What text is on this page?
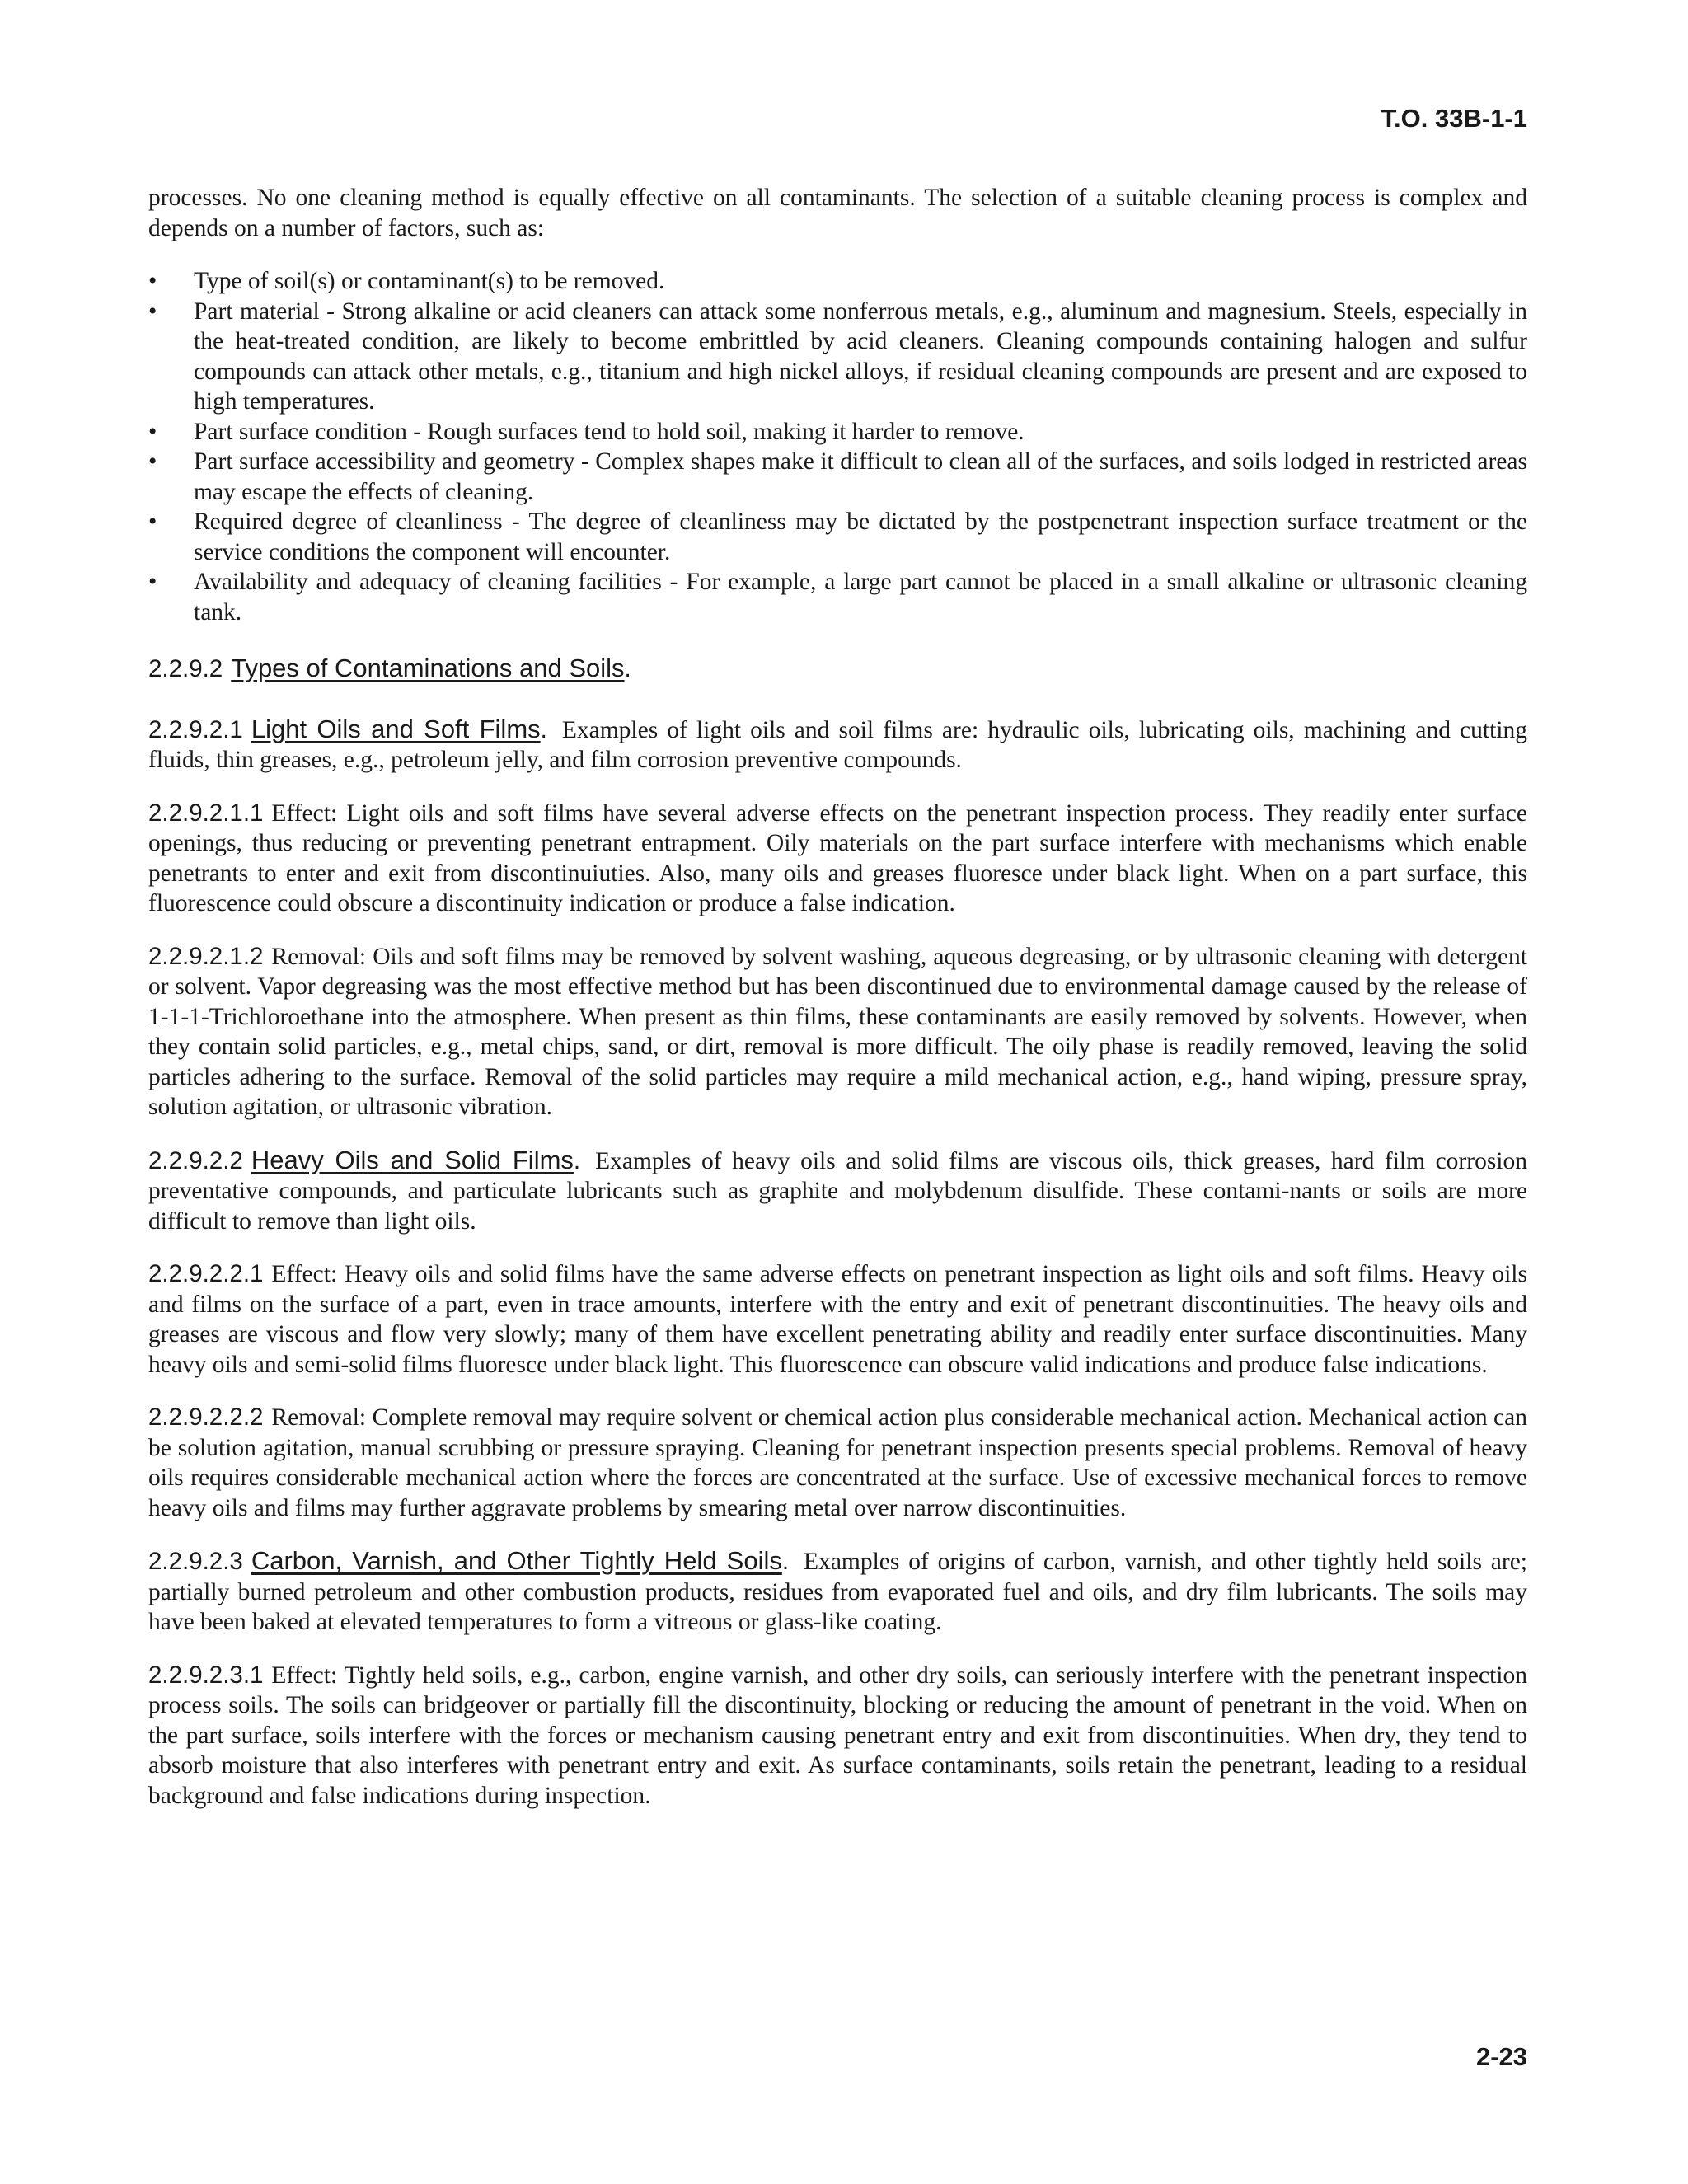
T.O. 33B-1-1

processes. No one cleaning method is equally effective on all contaminants. The selection of a suitable cleaning process is complex and depends on a number of factors, such as:

• Type of soil(s) or contaminant(s) to be removed.
• Part material - Strong alkaline or acid cleaners can attack some nonferrous metals, e.g., aluminum and magnesium. Steels, especially in the heat-treated condition, are likely to become embrittled by acid cleaners. Cleaning compounds containing halogen and sulfur compounds can attack other metals, e.g., titanium and high nickel alloys, if residual cleaning compounds are present and are exposed to high temperatures.
• Part surface condition - Rough surfaces tend to hold soil, making it harder to remove.
• Part surface accessibility and geometry - Complex shapes make it difficult to clean all of the surfaces, and soils lodged in restricted areas may escape the effects of cleaning.
• Required degree of cleanliness - The degree of cleanliness may be dictated by the postpenetrant inspection surface treatment or the service conditions the component will encounter.
• Availability and adequacy of cleaning facilities - For example, a large part cannot be placed in a small alkaline or ultrasonic cleaning tank.

2.2.9.2 Types of Contaminations and Soils.

2.2.9.2.1 Light Oils and Soft Films. Examples of light oils and soil films are: hydraulic oils, lubricating oils, machining and cutting fluids, thin greases, e.g., petroleum jelly, and film corrosion preventive compounds.

2.2.9.2.1.1 Effect: Light oils and soft films have several adverse effects on the penetrant inspection process. They readily enter surface openings, thus reducing or preventing penetrant entrapment. Oily materials on the part surface interfere with mechanisms which enable penetrants to enter and exit from discontinuiuties. Also, many oils and greases fluoresce under black light. When on a part surface, this fluorescence could obscure a discontinuity indication or produce a false indication.

2.2.9.2.1.2 Removal: Oils and soft films may be removed by solvent washing, aqueous degreasing, or by ultrasonic cleaning with detergent or solvent. Vapor degreasing was the most effective method but has been discontinued due to environmental damage caused by the release of 1-1-1-Trichloroethane into the atmosphere. When present as thin films, these contaminants are easily removed by solvents. However, when they contain solid particles, e.g., metal chips, sand, or dirt, removal is more difficult. The oily phase is readily removed, leaving the solid particles adhering to the surface. Removal of the solid particles may require a mild mechanical action, e.g., hand wiping, pressure spray, solution agitation, or ultrasonic vibration.

2.2.9.2.2 Heavy Oils and Solid Films. Examples of heavy oils and solid films are viscous oils, thick greases, hard film corrosion preventative compounds, and particulate lubricants such as graphite and molybdenum disulfide. These contami-nants or soils are more difficult to remove than light oils.

2.2.9.2.2.1 Effect: Heavy oils and solid films have the same adverse effects on penetrant inspection as light oils and soft films. Heavy oils and films on the surface of a part, even in trace amounts, interfere with the entry and exit of penetrant discontinuities. The heavy oils and greases are viscous and flow very slowly; many of them have excellent penetrating ability and readily enter surface discontinuities. Many heavy oils and semi-solid films fluoresce under black light. This fluorescence can obscure valid indications and produce false indications.

2.2.9.2.2.2 Removal: Complete removal may require solvent or chemical action plus considerable mechanical action. Mechanical action can be solution agitation, manual scrubbing or pressure spraying. Cleaning for penetrant inspection presents special problems. Removal of heavy oils requires considerable mechanical action where the forces are concentrated at the surface. Use of excessive mechanical forces to remove heavy oils and films may further aggravate problems by smearing metal over narrow discontinuities.

2.2.9.2.3 Carbon, Varnish, and Other Tightly Held Soils. Examples of origins of carbon, varnish, and other tightly held soils are; partially burned petroleum and other combustion products, residues from evaporated fuel and oils, and dry film lubricants. The soils may have been baked at elevated temperatures to form a vitreous or glass-like coating.

2.2.9.2.3.1 Effect: Tightly held soils, e.g., carbon, engine varnish, and other dry soils, can seriously interfere with the penetrant inspection process soils. The soils can bridgeover or partially fill the discontinuity, blocking or reducing the amount of penetrant in the void. When on the part surface, soils interfere with the forces or mechanism causing penetrant entry and exit from discontinuities. When dry, they tend to absorb moisture that also interferes with penetrant entry and exit. As surface contaminants, soils retain the penetrant, leading to a residual background and false indications during inspection.

2-23
